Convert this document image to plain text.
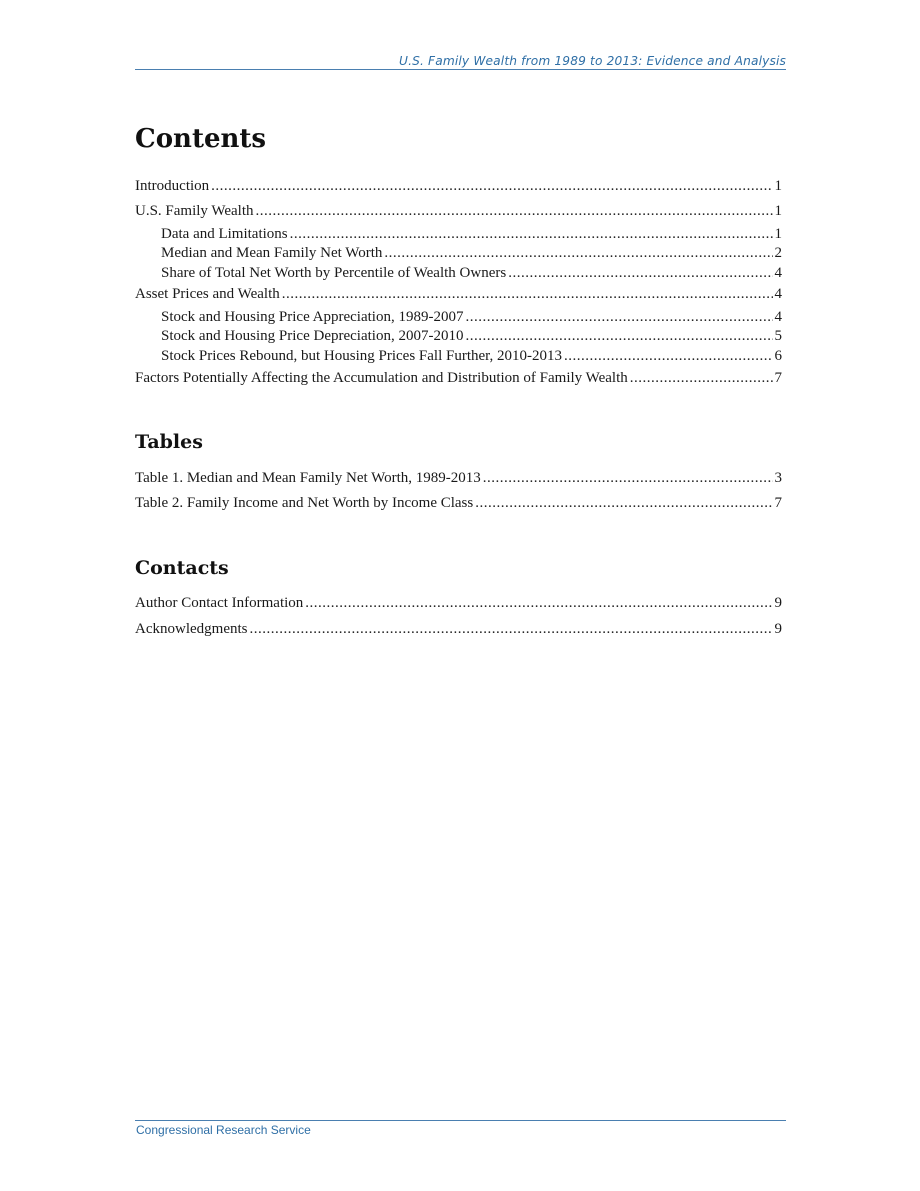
U.S. Family Wealth from 1989 to 2013: Evidence and Analysis
Contents
Introduction .....	1
U.S. Family Wealth .....	1
Data and Limitations .....	1
Median and Mean Family Net Worth .....	2
Share of Total Net Worth by Percentile of Wealth Owners .....	4
Asset Prices and Wealth .....	4
Stock and Housing Price Appreciation, 1989-2007 .....	4
Stock and Housing Price Depreciation, 2007-2010 .....	5
Stock Prices Rebound, but Housing Prices Fall Further, 2010-2013 .....	6
Factors Potentially Affecting the Accumulation and Distribution of Family Wealth .....	7
Tables
Table 1. Median and Mean Family Net Worth, 1989-2013 .....	3
Table 2. Family Income and Net Worth by Income Class .....	7
Contacts
Author Contact Information .....	9
Acknowledgments .....	9
Congressional Research Service
